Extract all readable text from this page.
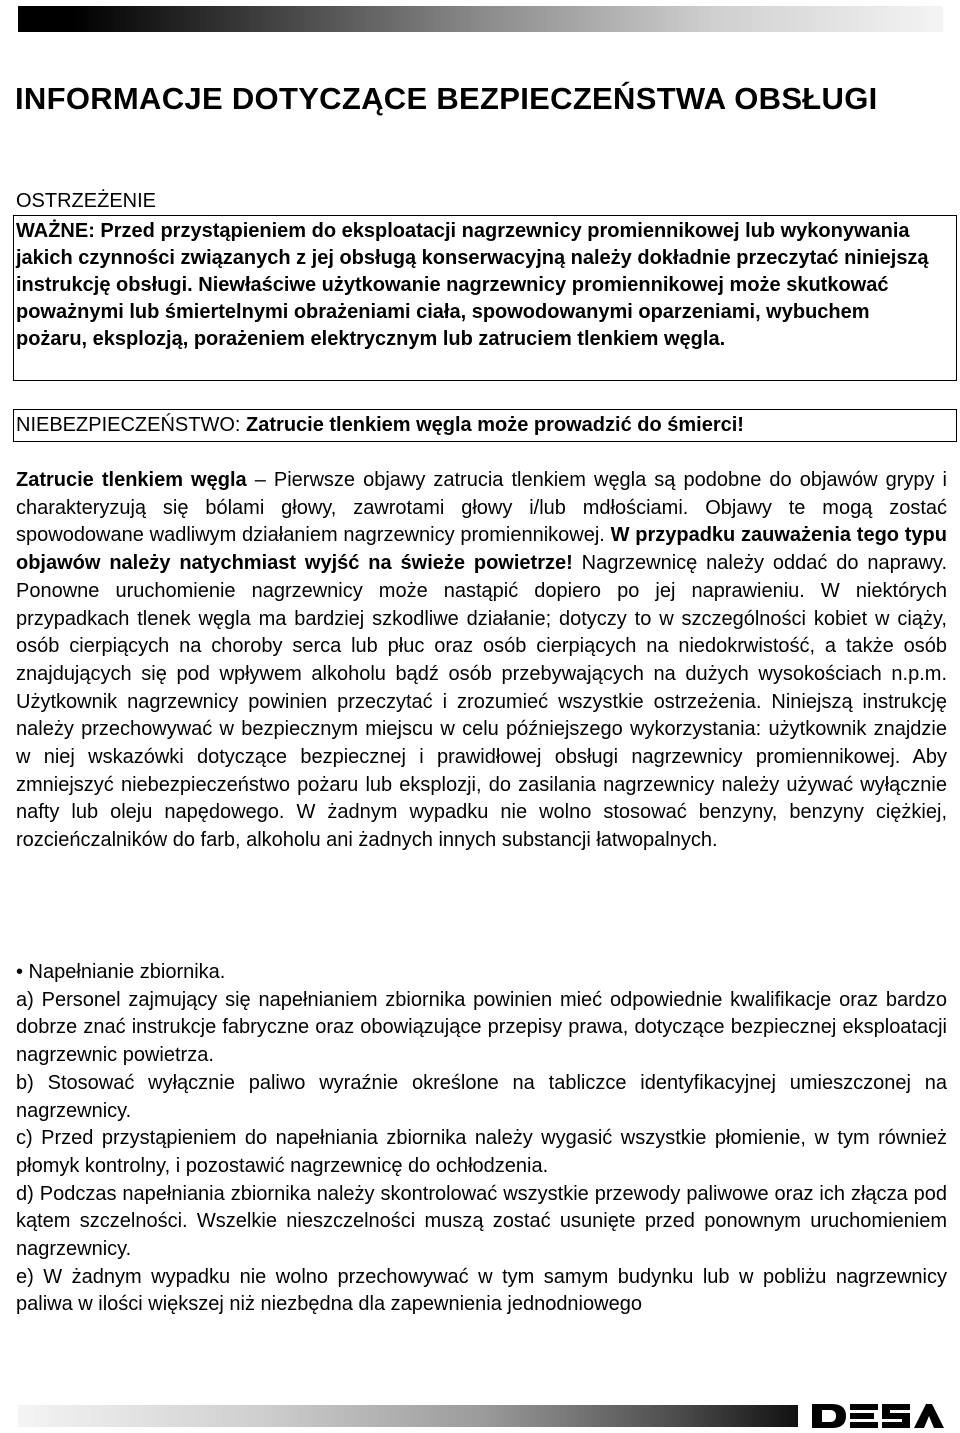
INFORMACJE DOTYCZĄCE BEZPIECZEŃSTWA OBSŁUGI
OSTRZEŻENIE
WAŻNE: Przed przystąpieniem do eksploatacji nagrzewnicy promiennikowej lub wykonywania jakich czynności związanych z jej obsługą konserwacyjną należy dokładnie przeczytać niniejszą instrukcję obsługi. Niewłaściwe użytkowanie nagrzewnicy promiennikowej może skutkować poważnymi lub śmiertelnymi obrażeniami ciała, spowodowanymi oparzeniami, wybuchem pożaru, eksplozją, porażeniem elektrycznym lub zatruciem tlenkiem węgla.
NIEBEZPIECZEŃSTWO: Zatrucie tlenkiem węgla może prowadzić do śmierci!
Zatrucie tlenkiem węgla – Pierwsze objawy zatrucia tlenkiem węgla są podobne do objawów grypy i charakteryzują się bólami głowy, zawrotami głowy i/lub mdłościami. Objawy te mogą zostać spowodowane wadliwym działaniem nagrzewnicy promiennikowej. W przypadku zauważenia tego typu objawów należy natychmiast wyjść na świeże powietrze! Nagrzewnicę należy oddać do naprawy. Ponowne uruchomienie nagrzewnicy może nastąpić dopiero po jej naprawieniu. W niektórych przypadkach tlenek węgla ma bardziej szkodliwe działanie; dotyczy to w szczególności kobiet w ciąży, osób cierpiących na choroby serca lub płuc oraz osób cierpiących na niedokrwistość, a także osób znajdujących się pod wpływem alkoholu bądź osób przebywających na dużych wysokościach n.p.m. Użytkownik nagrzewnicy powinien przeczytać i zrozumieć wszystkie ostrzeżenia. Niniejszą instrukcję należy przechowywać w bezpiecznym miejscu w celu późniejszego wykorzystania: użytkownik znajdzie w niej wskazówki dotyczące bezpiecznej i prawidłowej obsługi nagrzewnicy promiennikowej. Aby zmniejszyć niebezpieczeństwo pożaru lub eksplozji, do zasilania nagrzewnicy należy używać wyłącznie nafty lub oleju napędowego. W żadnym wypadku nie wolno stosować benzyny, benzyny ciężkiej, rozcieńczalników do farb, alkoholu ani żadnych innych substancji łatwopalnych.

• Napełnianie zbiornika.

a) Personel zajmujący się napełnianiem zbiornika powinien mieć odpowiednie kwalifikacje oraz bardzo dobrze znać instrukcje fabryczne oraz obowiązujące przepisy prawa, dotyczące bezpiecznej eksploatacji nagrzewnic powietrza.

b) Stosować wyłącznie paliwo wyraźnie określone na tabliczce identyfikacyjnej umieszczonej na nagrzewnicy.

c) Przed przystąpieniem do napełniania zbiornika należy wygasić wszystkie płomienie, w tym również płomyk kontrolny, i pozostawić nagrzewnicę do ochłodzenia.

d) Podczas napełniania zbiornika należy skontrolować wszystkie przewody paliwowe oraz ich złącza pod kątem szczelności. Wszelkie nieszczelności muszą zostać usunięte przed ponownym uruchomieniem nagrzewnicy.

e) W żadnym wypadku nie wolno przechowywać w tym samym budynku lub w pobliżu nagrzewnicy paliwa w ilości większej niż niezbędna dla zapewnienia jednodniowego
